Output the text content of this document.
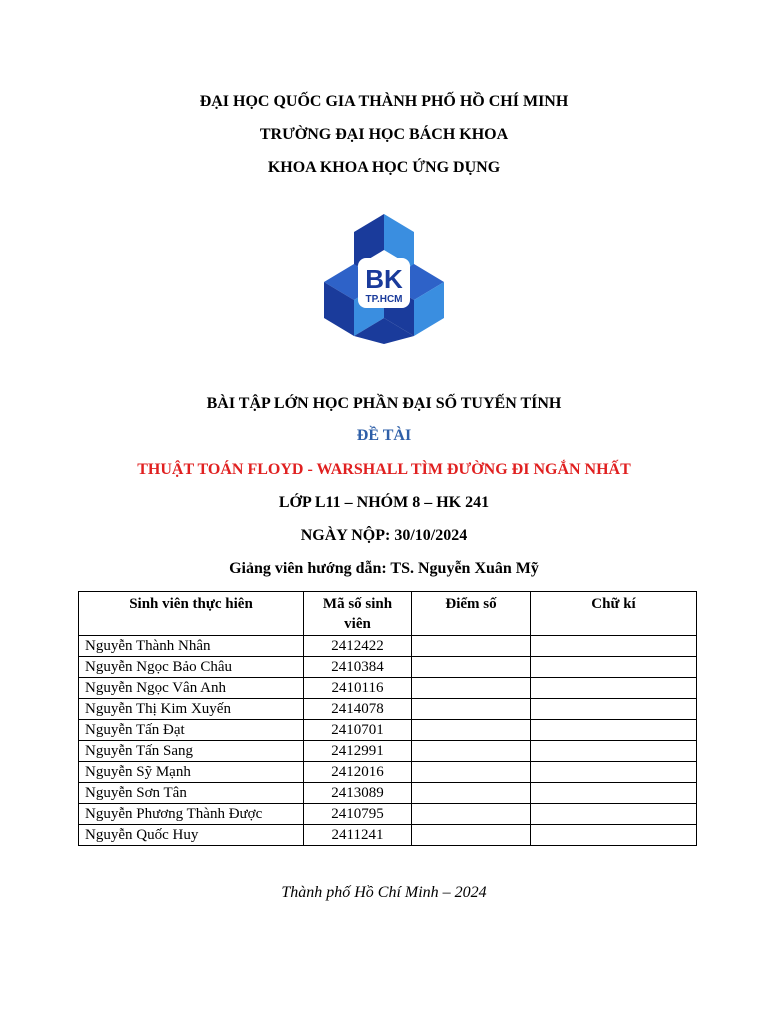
ĐẠI HỌC QUỐC GIA THÀNH PHỐ HỒ CHÍ MINH
TRƯỜNG ĐẠI HỌC BÁCH KHOA
KHOA KHOA HỌC ỨNG DỤNG
BK
TP.HCM
BÀI TẬP LỚN HỌC PHẦN ĐẠI SỐ TUYẾN TÍNH
ĐỀ TÀI
THUẬT TOÁN FLOYD - WARSHALL TÌM ĐƯỜNG ĐI NGẮN NHẤT
LỚP L11 – NHÓM 8 – HK 241
NGÀY NỘP: 30/10/2024
Giảng viên hướng dẫn: TS. Nguyễn Xuân Mỹ
Sinh viên thực hiên	Mã số sinh viên	Điểm số	Chữ kí
Nguyễn Thành Nhân	2412422		
Nguyễn Ngọc Bảo Châu	2410384		
Nguyễn Ngọc Vân Anh	2410116		
Nguyễn Thị Kim Xuyến	2414078		
Nguyễn Tấn Đạt	2410701		
Nguyễn Tấn Sang	2412991		
Nguyễn Sỹ Mạnh	2412016		
Nguyễn Sơn Tân	2413089		
Nguyễn Phương Thành Được	2410795		
Nguyễn Quốc Huy	2411241		
Thành phố Hồ Chí Minh – 2024
